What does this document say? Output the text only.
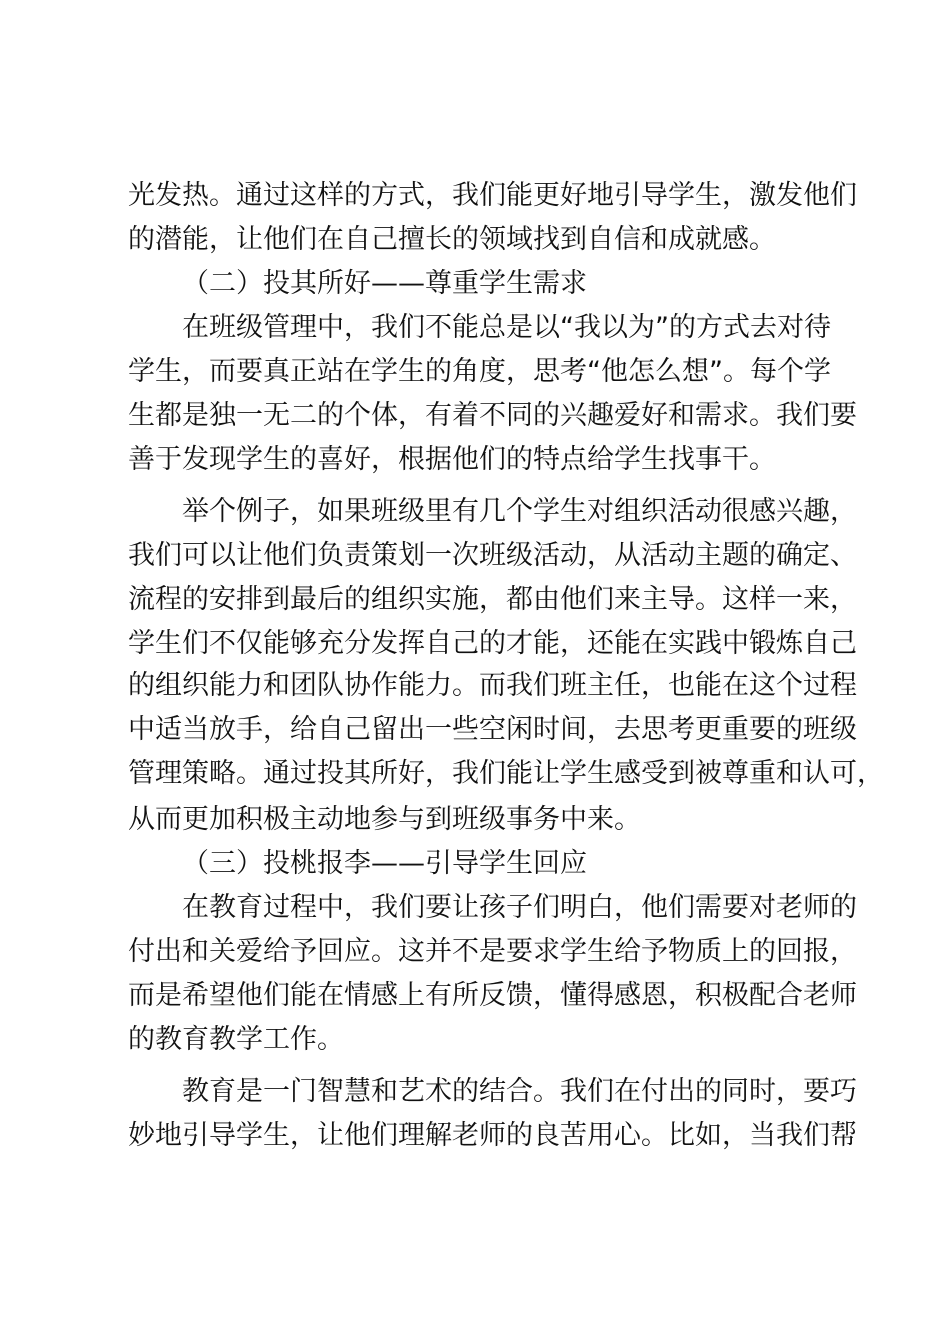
光发热。通过这样的方式，我们能更好地引导学生，激发他们
的潜能，让他们在自己擅长的领域找到自信和成就感。
（二）投其所好——尊重学生需求
在班级管理中，我们不能总是以“我以为”的方式去对待
学生，而要真正站在学生的角度，思考“他怎么想”。每个学
生都是独一无二的个体，有着不同的兴趣爱好和需求。我们要
善于发现学生的喜好，根据他们的特点给学生找事干。
举个例子，如果班级里有几个学生对组织活动很感兴趣，
我们可以让他们负责策划一次班级活动，从活动主题的确定、
流程的安排到最后的组织实施，都由他们来主导。这样一来，
学生们不仅能够充分发挥自己的才能，还能在实践中锻炼自己
的组织能力和团队协作能力。而我们班主任，也能在这个过程
中适当放手，给自己留出一些空闲时间，去思考更重要的班级
管理策略。通过投其所好，我们能让学生感受到被尊重和认可，
从而更加积极主动地参与到班级事务中来。
（三）投桃报李——引导学生回应
在教育过程中，我们要让孩子们明白，他们需要对老师的
付出和关爱给予回应。这并不是要求学生给予物质上的回报，
而是希望他们能在情感上有所反馈，懂得感恩，积极配合老师
的教育教学工作。
教育是一门智慧和艺术的结合。我们在付出的同时，要巧
妙地引导学生，让他们理解老师的良苦用心。比如，当我们帮
